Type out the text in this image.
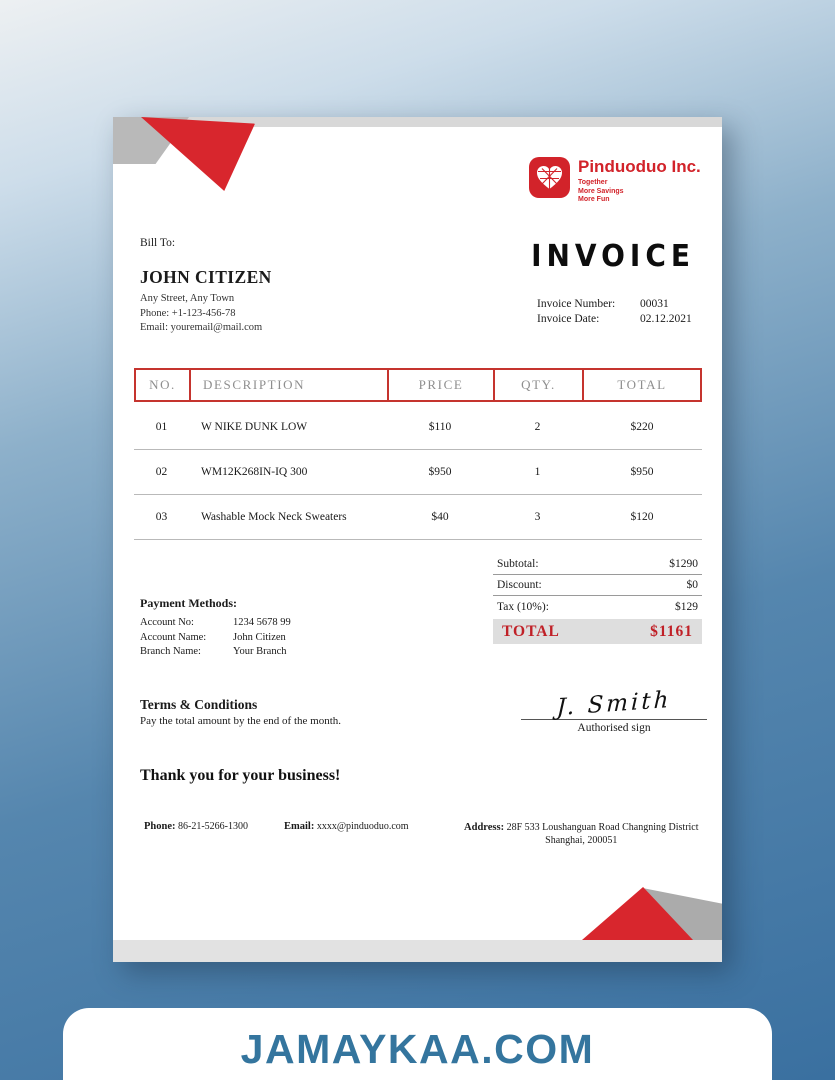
Pinduoduo Inc.
Together
More Savings
More Fun
Bill To:
JOHN CITIZEN
Any Street, Any Town
Phone: +1-123-456-78
Email: youremail@mail.com
INVOICE
Invoice Number:	00031
Invoice Date:	02.12.2021
NO.	DESCRIPTION	PRICE	QTY.	TOTAL
01	W NIKE DUNK LOW	$110	2	$220
02	WM12K268IN-IQ 300	$950	1	$950
03	Washable Mock Neck Sweaters	$40	3	$120
Subtotal:	$1290
Discount:	$0
Tax (10%):	$129
TOTAL	$1161
Payment Methods:
Account No:	1234 5678 99
Account Name:	John Citizen
Branch Name:	Your Branch
Terms & Conditions
Pay the total amount by the end of the month.	J. Smith
Authorised sign
Thank you for your business!
Phone: 86-21-5266-1300	Email: xxxx@pinduoduo.com	Address: 28F 533 Loushanguan Road Changning District Shanghai, 200051
JAMAYKAA.COM
